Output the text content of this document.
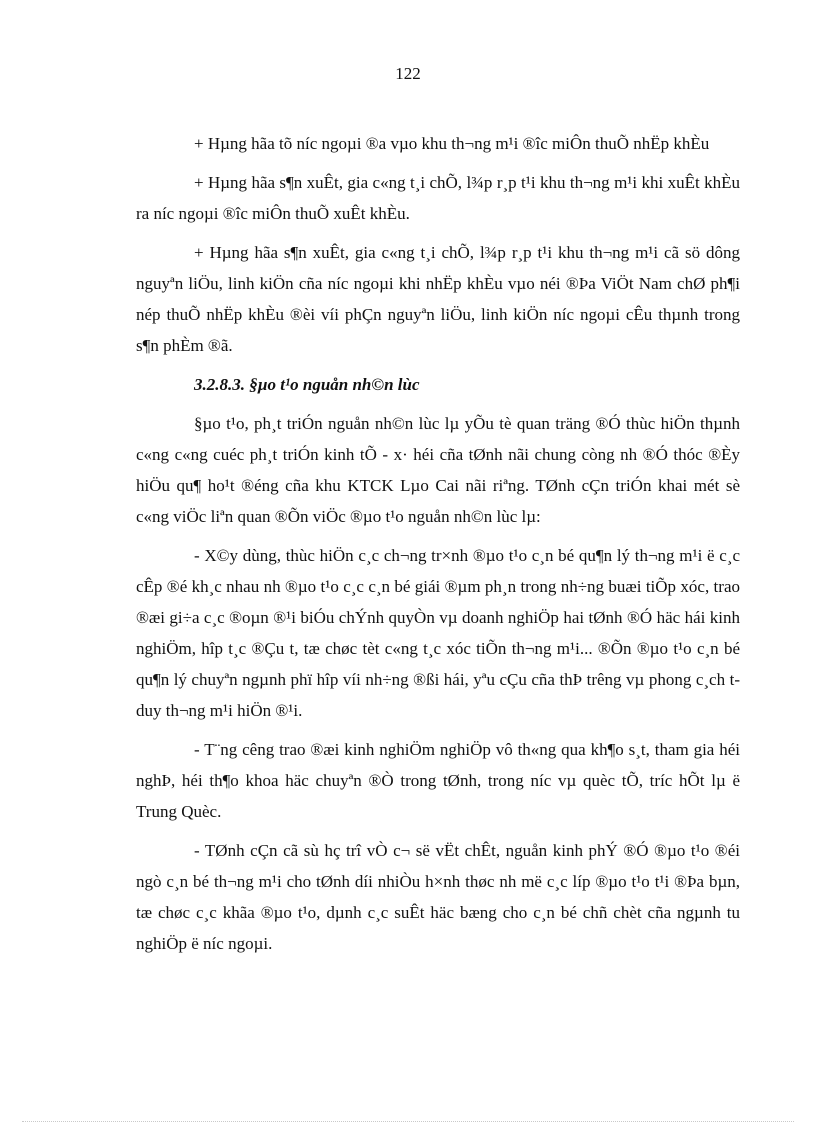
122

+ Hµng hãa tõ níc ngoµi ®a vµo khu th¬ng m¹i ®îc miÔn thuÕ nhËp khÈu

+ Hµng hãa s¶n xuÊt, gia c«ng t¸i chÕ, l¾p r¸p t¹i khu th¬ng m¹i khi xuÊt khÈu ra níc ngoµi ®îc miÔn thuÕ xuÊt khÈu.

+ Hµng hãa s¶n xuÊt, gia c«ng t¸i chÕ, l¾p r¸p t¹i khu th¬ng m¹i cã sö dông nguyªn liÖu, linh kiÖn cña níc ngoµi khi nhËp khÈu vµo néi ®Þa ViÖt Nam chØ ph¶i nép thuÕ nhËp khÈu ®èi víi phÇn nguyªn liÖu, linh kiÖn níc ngoµi cÊu thµnh trong s¶n phÈm ®ã.

3.2.8.3. §µo t¹o nguån nh©n lùc

§µo t¹o, ph¸t triÓn nguån nh©n lùc lµ yÕu tè quan träng ®Ó thùc hiÖn thµnh c«ng c«ng cuéc ph¸t triÓn kinh tÕ - x· héi cña tØnh nãi chung còng nh ®Ó thóc ®Èy hiÖu qu¶ ho¹t ®éng cña khu KTCK Lµo Cai nãi riªng. TØnh cÇn triÓn khai mét sè c«ng viÖc liªn quan ®Õn viÖc ®µo t¹o nguån nh©n lùc lµ:

- X©y dùng, thùc hiÖn c¸c ch¬ng tr×nh ®µo t¹o c¸n bé qu¶n lý th¬ng m¹i ë c¸c cÊp ®é kh¸c nhau nh ®µo t¹o c¸c c¸n bé giái ®µm ph¸n trong nh÷ng buæi tiÕp xóc, trao ®æi gi÷a c¸c ®oµn ®¹i biÓu chÝnh quyÒn vµ doanh nghiÖp hai tØnh ®Ó häc hái kinh nghiÖm, hîp t¸c ®Çu t, tæ chøc tèt c«ng t¸c xóc tiÕn th¬ng m¹i... ®Õn ®µo t¹o c¸n bé qu¶n lý chuyªn ngµnh phï hîp víi nh÷ng ®ßi hái, yªu cÇu cña thÞ trêng vµ phong c¸ch t duy th¬ng m¹i hiÖn ®¹i.

- T¨ng cêng trao ®æi kinh nghiÖm nghiÖp vô th«ng qua kh¶o s¸t, tham gia héi nghÞ, héi th¶o khoa häc chuyªn ®Ò trong tØnh, trong níc vµ quèc tÕ, tríc hÕt lµ ë Trung Quèc.

- TØnh cÇn cã sù hç trî vÒ c¬ së vËt chÊt, nguån kinh phÝ ®Ó ®µo t¹o ®éi ngò c¸n bé th¬ng m¹i cho tØnh díi nhiÒu h×nh thøc nh më c¸c líp ®µo t¹o t¹i ®Þa bµn, tæ chøc c¸c khãa ®µo t¹o, dµnh c¸c suÊt häc bæng cho c¸n bé chñ chèt cña ngµnh tu nghiÖp ë níc ngoµi.
